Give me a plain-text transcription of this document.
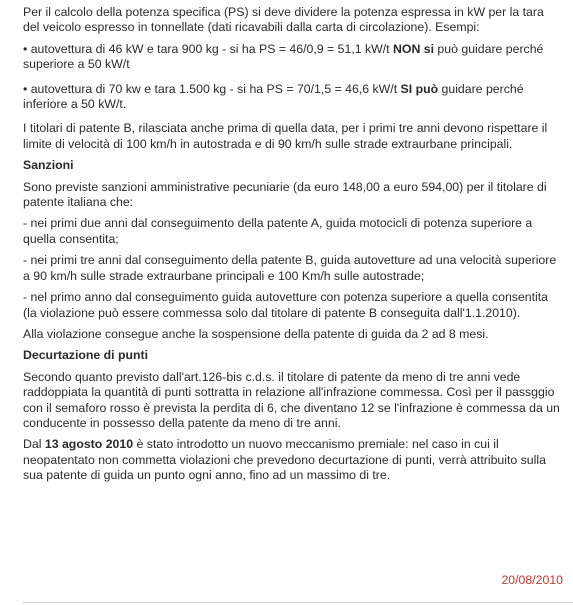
Per il calcolo della potenza specifica (PS) si deve dividere la potenza espressa in kW per la tara del veicolo espresso in tonnellate (dati ricavabili dalla carta di circolazione). Esempi:

• autovettura di 46 kW e tara 900 kg - si ha PS = 46/0,9 = 51,1 kW/t NON si può guidare perché superiore a 50 kW/t

• autovettura di 70 kw e tara 1.500 kg - si ha PS = 70/1,5 = 46,6 kW/t SI può guidare perché inferiore a 50 kW/t.

I titolari di patente B, rilasciata anche prima di quella data, per i primi tre anni devono rispettare il limite di velocità di 100 km/h in autostrada e di 90 km/h sulle strade extraurbane principali.

Sanzioni

Sono previste sanzioni amministrative pecuniarie (da euro 148,00 a euro 594,00) per il titolare di patente italiana che:

- nei primi due anni dal conseguimento della patente A, guida motocicli di potenza superiore a quella consentita;

- nei primi tre anni dal conseguimento della patente B, guida autovetture ad una velocità superiore a 90 km/h sulle strade extraurbane principali e 100 Km/h sulle autostrade;

- nel primo anno dal conseguimento guida autovetture con potenza superiore a quella consentita (la violazione può essere commessa solo dal titolare di patente B conseguita dall'1.1.2010).

Alla violazione consegue anche la sospensione della patente di guida da 2 ad 8 mesi.

Decurtazione di punti

Secondo quanto previsto dall'art.126-bis c.d.s. il titolare di patente da meno di tre anni vede raddoppiata la quantità di punti sottratta in relazione all'infrazione commessa. Così per il passggio con il semaforo rosso è prevista la perdita di 6, che diventano 12 se l'infrazione è commessa da un conducente in possesso della patente da meno di tre anni.

Dal 13 agosto 2010 è stato introdotto un nuovo meccanismo premiale: nel caso in cui il neopatentato non commetta violazioni che prevedono decurtazione di punti, verrà attribuito sulla sua patente di guida un punto ogni anno, fino ad un massimo di tre.

20/08/2010
